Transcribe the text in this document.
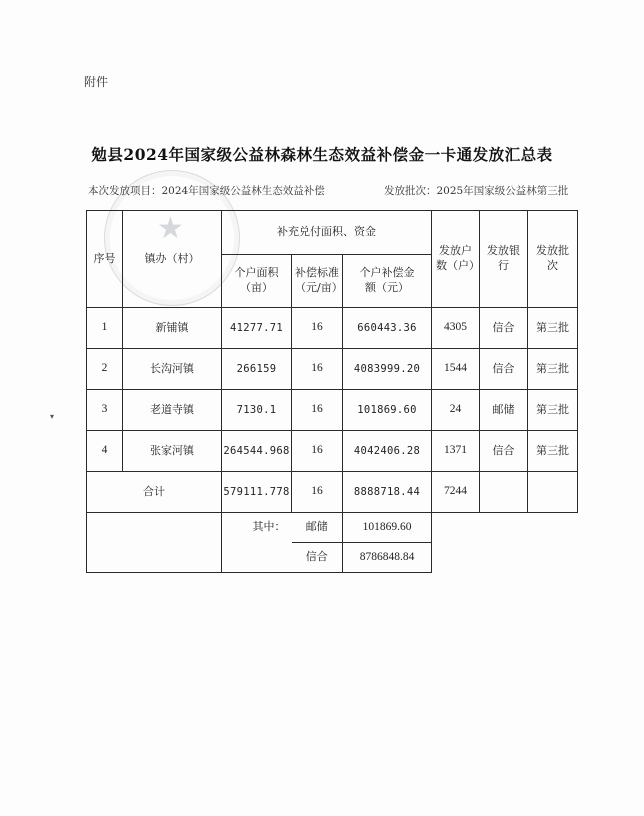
★
附件
勉县2024年国家级公益林森林生态效益补偿金一卡通发放汇总表
本次发放项目：2024年国家级公益林生态效益补偿	发放批次：2025年国家级公益林第三批
▾
序号	镇办（村）	补充兑付面积、资金			发放户数（户）	发放银行	发放批次
		个户面积（亩）	补偿标准（元/亩）	个户补偿金额（元）			
1	新铺镇	41277.71	16	660443.36	4305	信合	第三批
2	长沟河镇	266159	16	4083999.20	1544	信合	第三批
3	老道寺镇	7130.1	16	101869.60	24	邮储	第三批
4	张家河镇	264544.968	16	4042406.28	1371	信合	第三批
合计		579111.778	16	8888718.44	7244		
		其中：	邮储	101869.60			
			信合	8786848.84			
